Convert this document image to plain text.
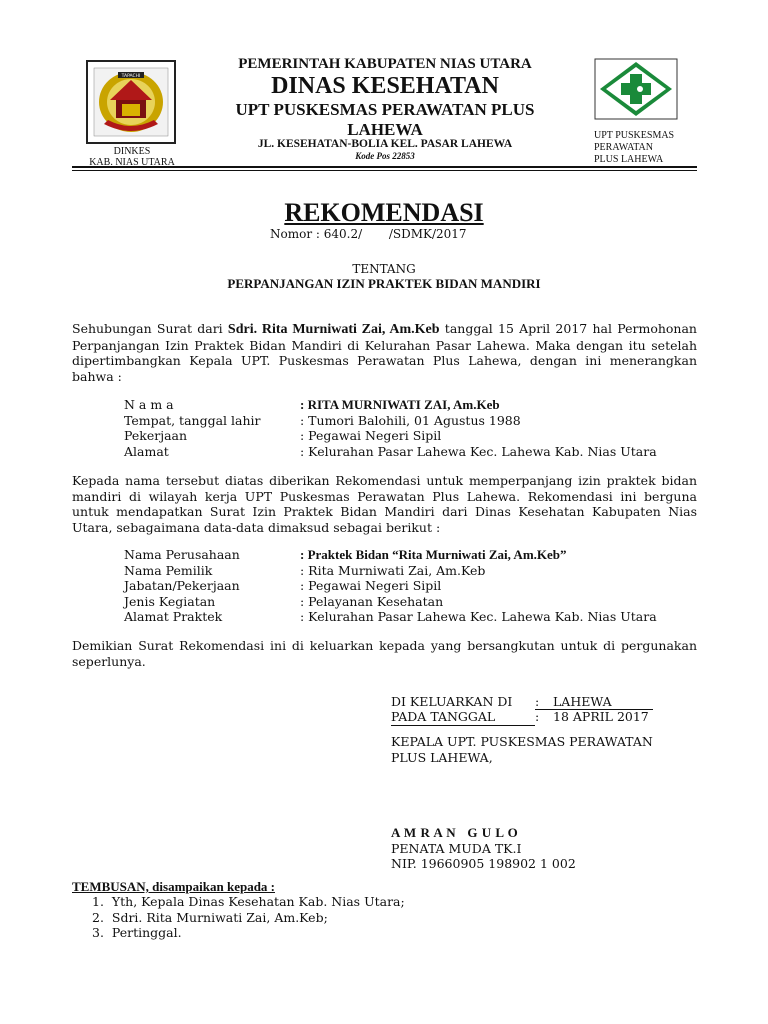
TAPACHI
DINKES
KAB. NIAS UTARA
PEMERINTAH KABUPATEN NIAS UTARA
DINAS KESEHATAN
UPT PUSKESMAS PERAWATAN PLUS
LAHEWA
JL. KESEHATAN-BOLIA KEL. PASAR LAHEWA
Kode Pos 22853
UPT PUSKESMAS
PERAWATAN
PLUS LAHEWA
REKOMENDASI
Nomor : 640.2/       /SDMK/2017
TENTANG
PERPANJANGAN IZIN PRAKTEK BIDAN MANDIRI
Sehubungan Surat dari Sdri. Rita Murniwati Zai, Am.Keb tanggal 15 April 2017 hal Permohonan Perpanjangan Izin Praktek Bidan Mandiri di Kelurahan Pasar Lahewa. Maka dengan itu setelah dipertimbangkan Kepala UPT. Puskesmas Perawatan Plus Lahewa, dengan ini menerangkan bahwa :
N a m a	: RITA MURNIWATI ZAI, Am.Keb
Tempat, tanggal lahir	: Tumori Balohili, 01 Agustus 1988
Pekerjaan	: Pegawai Negeri Sipil
Alamat	: Kelurahan Pasar Lahewa Kec. Lahewa Kab. Nias Utara
Kepada nama tersebut diatas diberikan Rekomendasi untuk memperpanjang izin praktek bidan mandiri di wilayah kerja UPT Puskesmas Perawatan Plus Lahewa. Rekomendasi ini berguna untuk mendapatkan Surat Izin Praktek Bidan Mandiri dari Dinas Kesehatan Kabupaten Nias Utara, sebagaimana data-data dimaksud sebagai berikut :
Nama Perusahaan	: Praktek Bidan “Rita Murniwati Zai, Am.Keb”
Nama Pemilik	: Rita Murniwati Zai, Am.Keb
Jabatan/Pekerjaan	: Pegawai Negeri Sipil
Jenis Kegiatan	: Pelayanan Kesehatan
Alamat Praktek	: Kelurahan Pasar Lahewa Kec. Lahewa Kab. Nias Utara
Demikian Surat Rekomendasi ini di keluarkan kepada yang bersangkutan untuk di pergunakan seperlunya.
DI KELUARKAN DI : LAHEWA
PADA TANGGAL	: 18 APRIL 2017
KEPALA UPT. PUSKESMAS PERAWATAN
PLUS LAHEWA,
A M R A N   G U L O
PENATA MUDA TK.I
NIP. 19660905 198902 1 002
TEMBUSAN, disampaikan kepada :
1.  Yth, Kepala Dinas Kesehatan Kab. Nias Utara;
2.  Sdri. Rita Murniwati Zai, Am.Keb;
3.  Pertinggal.
